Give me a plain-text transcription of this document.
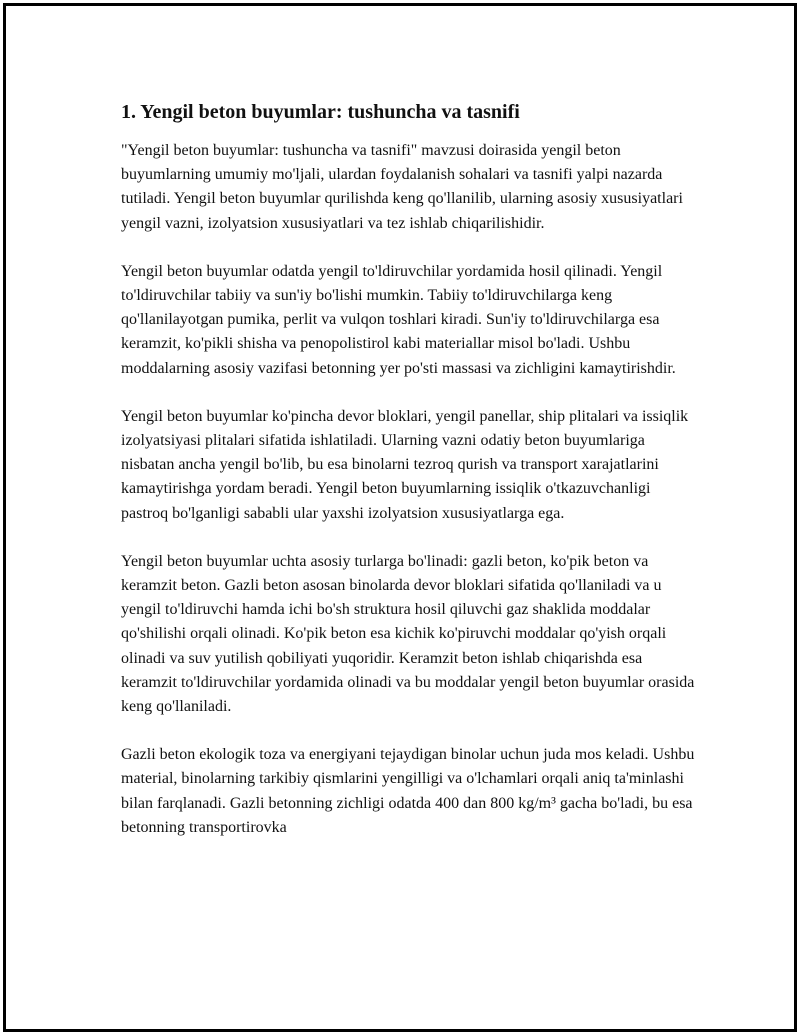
1. Yengil beton buyumlar: tushuncha va tasnifi

"Yengil beton buyumlar: tushuncha va tasnifi" mavzusi doirasida yengil beton buyumlarning umumiy mo'ljali, ulardan foydalanish sohalari va tasnifi yalpi nazarda tutiladi. Yengil beton buyumlar qurilishda keng qo'llanilib, ularning asosiy xususiyatlari yengil vazni, izolyatsion xususiyatlari va tez ishlab chiqarilishidir.

Yengil beton buyumlar odatda yengil to'ldiruvchilar yordamida hosil qilinadi. Yengil to'ldiruvchilar tabiiy va sun'iy bo'lishi mumkin. Tabiiy to'ldiruvchilarga keng qo'llanilayotgan pumika, perlit va vulqon toshlari kiradi. Sun'iy to'ldiruvchilarga esa keramzit, ko'pikli shisha va penopolistirol kabi materiallar misol bo'ladi. Ushbu moddalarning asosiy vazifasi betonning yer po'sti massasi va zichligini kamaytirishdir.

Yengil beton buyumlar ko'pincha devor bloklari, yengil panellar, ship plitalari va issiqlik izolyatsiyasi plitalari sifatida ishlatiladi. Ularning vazni odatiy beton buyumlariga nisbatan ancha yengil bo'lib, bu esa binolarni tezroq qurish va transport xarajatlarini kamaytirishga yordam beradi. Yengil beton buyumlarning issiqlik o'tkazuvchanligi pastroq bo'lganligi sababli ular yaxshi izolyatsion xususiyatlarga ega.

Yengil beton buyumlar uchta asosiy turlarga bo'linadi: gazli beton, ko'pik beton va keramzit beton. Gazli beton asosan binolarda devor bloklari sifatida qo'llaniladi va u yengil to'ldiruvchi hamda ichi bo'sh struktura hosil qiluvchi gaz shaklida moddalar qo'shilishi orqali olinadi. Ko'pik beton esa kichik ko'piruvchi moddalar qo'yish orqali olinadi va suv yutilish qobiliyati yuqoridir. Keramzit beton ishlab chiqarishda esa keramzit to'ldiruvchilar yordamida olinadi va bu moddalar yengil beton buyumlar orasida keng qo'llaniladi.

Gazli beton ekologik toza va energiyani tejaydigan binolar uchun juda mos keladi. Ushbu material, binolarning tarkibiy qismlarini yengilligi va o'lchamlari orqali aniq ta'minlashi bilan farqlanadi. Gazli betonning zichligi odatda 400 dan 800 kg/m³ gacha bo'ladi, bu esa betonning transportirovka
